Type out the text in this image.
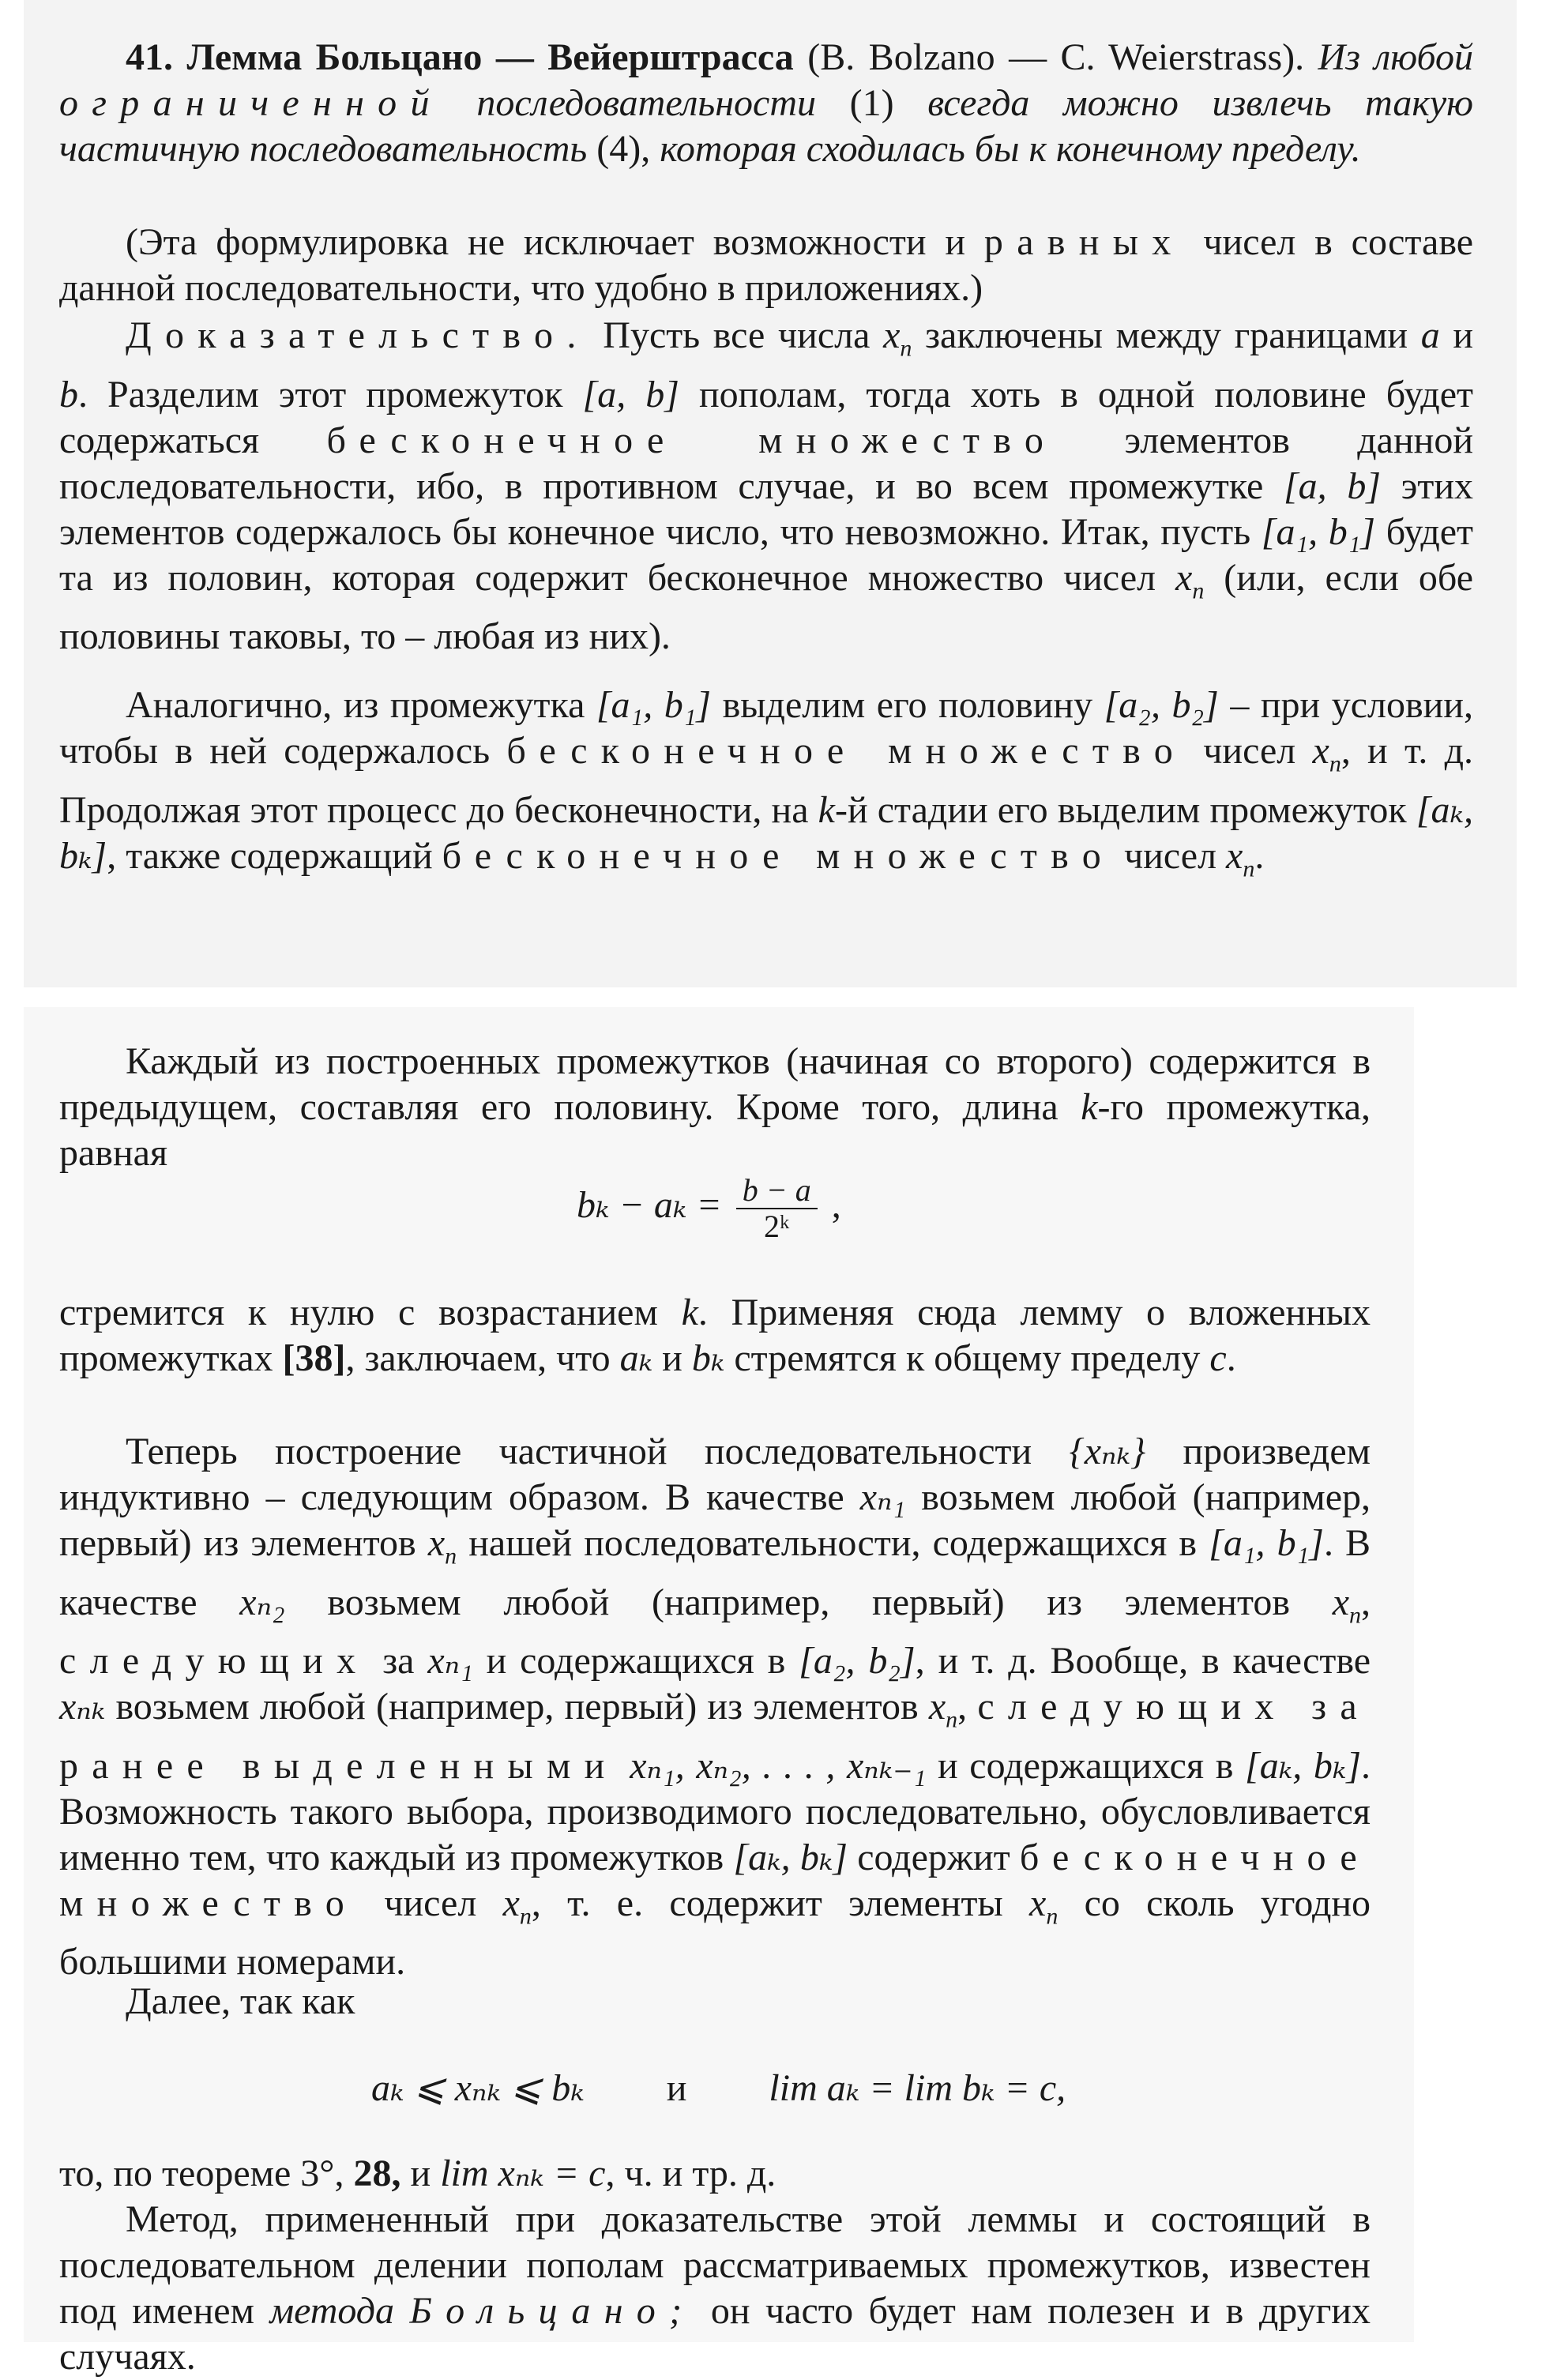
41. Лемма Больцано — Вейерштрасса (B. Bolzano — C. Weierstrass). Из любой ограниченной последовательности (1) всегда можно извлечь такую частичную последовательность (4), которая сходилась бы к конечному пределу.

(Эта формулировка не исключает возможности и равных чисел в составе данной последовательности, что удобно в приложениях.)

Доказательство. Пусть все числа $x_n$ заключены между границами a и b. Разделим этот промежуток [a, b] пополам, тогда хоть в одной половине будет содержаться бесконечное множество элементов данной последовательности, ибо, в противном случае, и во всем промежутке [a, b] этих элементов содержалось бы конечное число, что невозможно. Итак, пусть [a₁, b₁] будет та из половин, которая содержит бесконечное множество чисел $x_n$ (или, если обе половины таковы, то – любая из них).

Аналогично, из промежутка [a₁, b₁] выделим его половину [a₂, b₂] – при условии, чтобы в ней содержалось бесконечное множество чисел $x_n$, и т. д. Продолжая этот процесс до бесконечности, на k-й стадии его выделим промежуток [aₖ, bₖ], также содержащий бесконечное множество чисел $x_n$.

Каждый из построенных промежутков (начиная со второго) содержится в предыдущем, составляя его половину. Кроме того, длина k-го промежутка, равная

$b_k - a_k = \frac{b - a}{\text{2ᵏ}}$ ,

стремится к нулю с возрастанием k. Применяя сюда лемму о вложенных промежутках [38], заключаем, что aₖ и bₖ стремятся к общему пределу c.

Теперь построение частичной последовательности {xₙₖ} произведем индуктивно – следующим образом. В качестве xₙ₁ возьмем любой (например, первый) из элементов $x_n$ нашей последовательности, содержащихся в [a₁, b₁]. В качестве xₙ₂ возьмем любой (например, первый) из элементов $x_n$, следующих за xₙ₁ и содержащихся в [a₂, b₂], и т. д. Вообще, в качестве xₙₖ возьмем любой (например, первый) из элементов $x_n$, следующих за ранее выделенными xₙ₁, xₙ₂, . . . , xₙₖ₋₁ и содержащихся в [aₖ, bₖ]. Возможность такого выбора, производимого последовательно, обусловливается именно тем, что каждый из промежутков [aₖ, bₖ] содержит бесконечное множество чисел $x_n$, т. е. содержит элементы $x_n$ со сколь угодно большими номерами.

Далее, так как

aₖ ⩽ xₙₖ ⩽ bₖ и lim aₖ = lim bₖ = c,

то, по теореме 3°, 28, и lim xₙₖ = c, ч. и тр. д.

Метод, примененный при доказательстве этой леммы и состоящий в последовательном делении пополам рассматриваемых промежутков, известен под именем метода Больцано; он часто будет нам полезен и в других случаях.
